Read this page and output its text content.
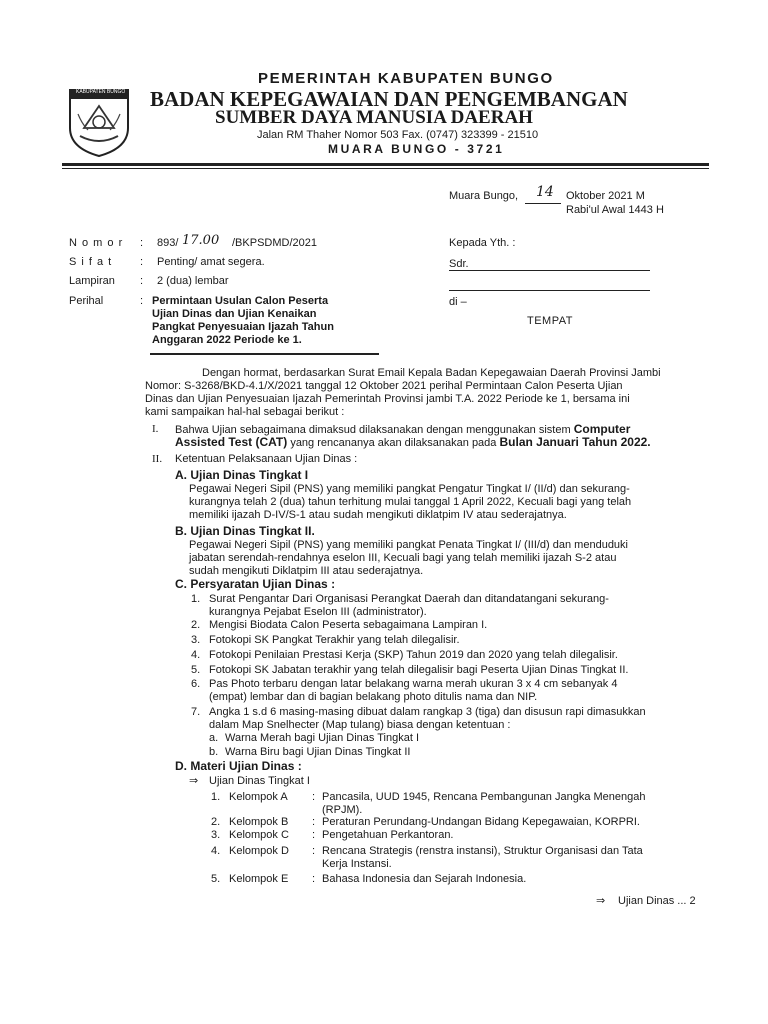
KABUPATEN BUNGO
PEMERINTAH KABUPATEN BUNGO
BADAN KEPEGAWAIAN DAN PENGEMBANGAN
SUMBER DAYA MANUSIA DAERAH
Jalan RM Thaher Nomor 503 Fax. (0747) 323399 - 21510
MUARA BUNGO - 3721
Muara Bungo, 14 Oktober 2021 M
Rabi'ul Awal 1443 H
N o m o r : 893/ 17.00 /BKPSDMD/2021
S i f a t	: Penting/ amat segera.
Lampiran : 2 (dua) lembar
Perihal	: Permintaan Usulan Calon Peserta
Ujian Dinas dan Ujian Kenaikan
Pangkat Penyesuaian Ijazah Tahun
Anggaran 2022 Periode ke 1.
Kepada Yth. :
Sdr.
di –
TEMPAT
Dengan hormat, berdasarkan Surat Email Kepala Badan Kepegawaian Daerah Provinsi Jambi
Nomor: S-3268/BKD-4.1/X/2021 tanggal 12 Oktober 2021 perihal Permintaan Calon Peserta Ujian
Dinas dan Ujian Penyesuaian Ijazah Pemerintah Provinsi jambi T.A. 2022 Periode ke 1, bersama ini
kami sampaikan hal-hal sebagai berikut :
I. Bahwa Ujian sebagaimana dimaksud dilaksanakan dengan menggunakan sistem Computer
Assisted Test (CAT) yang rencananya akan dilaksanakan pada Bulan Januari Tahun 2022.
II. Ketentuan Pelaksanaan Ujian Dinas :
A. Ujian Dinas Tingkat I
Pegawai Negeri Sipil (PNS) yang memiliki pangkat Pengatur Tingkat I/ (II/d) dan sekurang-
kurangnya telah 2 (dua) tahun terhitung mulai tanggal 1 April 2022, Kecuali bagi yang telah
memiliki ijazah D-IV/S-1 atau sudah mengikuti diklatpim IV atau sederajatnya.
B. Ujian Dinas Tingkat II.
Pegawai Negeri Sipil (PNS) yang memiliki pangkat Penata Tingkat I/ (III/d) dan menduduki
jabatan serendah-rendahnya eselon III, Kecuali bagi yang telah memiliki ijazah S-2 atau
sudah mengikuti Diklatpim III atau sederajatnya.
C. Persyaratan Ujian Dinas :
1. Surat Pengantar Dari Organisasi Perangkat Daerah dan ditandatangani sekurang-
kurangnya Pejabat Eselon III (administrator).
2. Mengisi Biodata Calon Peserta sebagaimana Lampiran I.
3. Fotokopi SK Pangkat Terakhir yang telah dilegalisir.
4. Fotokopi Penilaian Prestasi Kerja (SKP) Tahun 2019 dan 2020 yang telah dilegalisir.
5. Fotokopi SK Jabatan terakhir yang telah dilegalisir bagi Peserta Ujian Dinas Tingkat II.
6. Pas Photo terbaru dengan latar belakang warna merah ukuran 3 x 4 cm sebanyak 4
(empat) lembar dan di bagian belakang photo ditulis nama dan NIP.
7. Angka 1 s.d 6 masing-masing dibuat dalam rangkap 3 (tiga) dan disusun rapi dimasukkan
dalam Map Snelhecter (Map tulang) biasa dengan ketentuan :
a. Warna Merah bagi Ujian Dinas Tingkat I
b. Warna Biru bagi Ujian Dinas Tingkat II
D. Materi Ujian Dinas :
⇒ Ujian Dinas Tingkat I
1. Kelompok A : Pancasila, UUD 1945, Rencana Pembangunan Jangka Menengah
(RPJM).
2. Kelompok B : Peraturan Perundang-Undangan Bidang Kepegawaian, KORPRI.
3. Kelompok C : Pengetahuan Perkantoran.
4. Kelompok D : Rencana Strategis (renstra instansi), Struktur Organisasi dan Tata
Kerja Instansi.
5. Kelompok E : Bahasa Indonesia dan Sejarah Indonesia.
⇒ Ujian Dinas ... 2
